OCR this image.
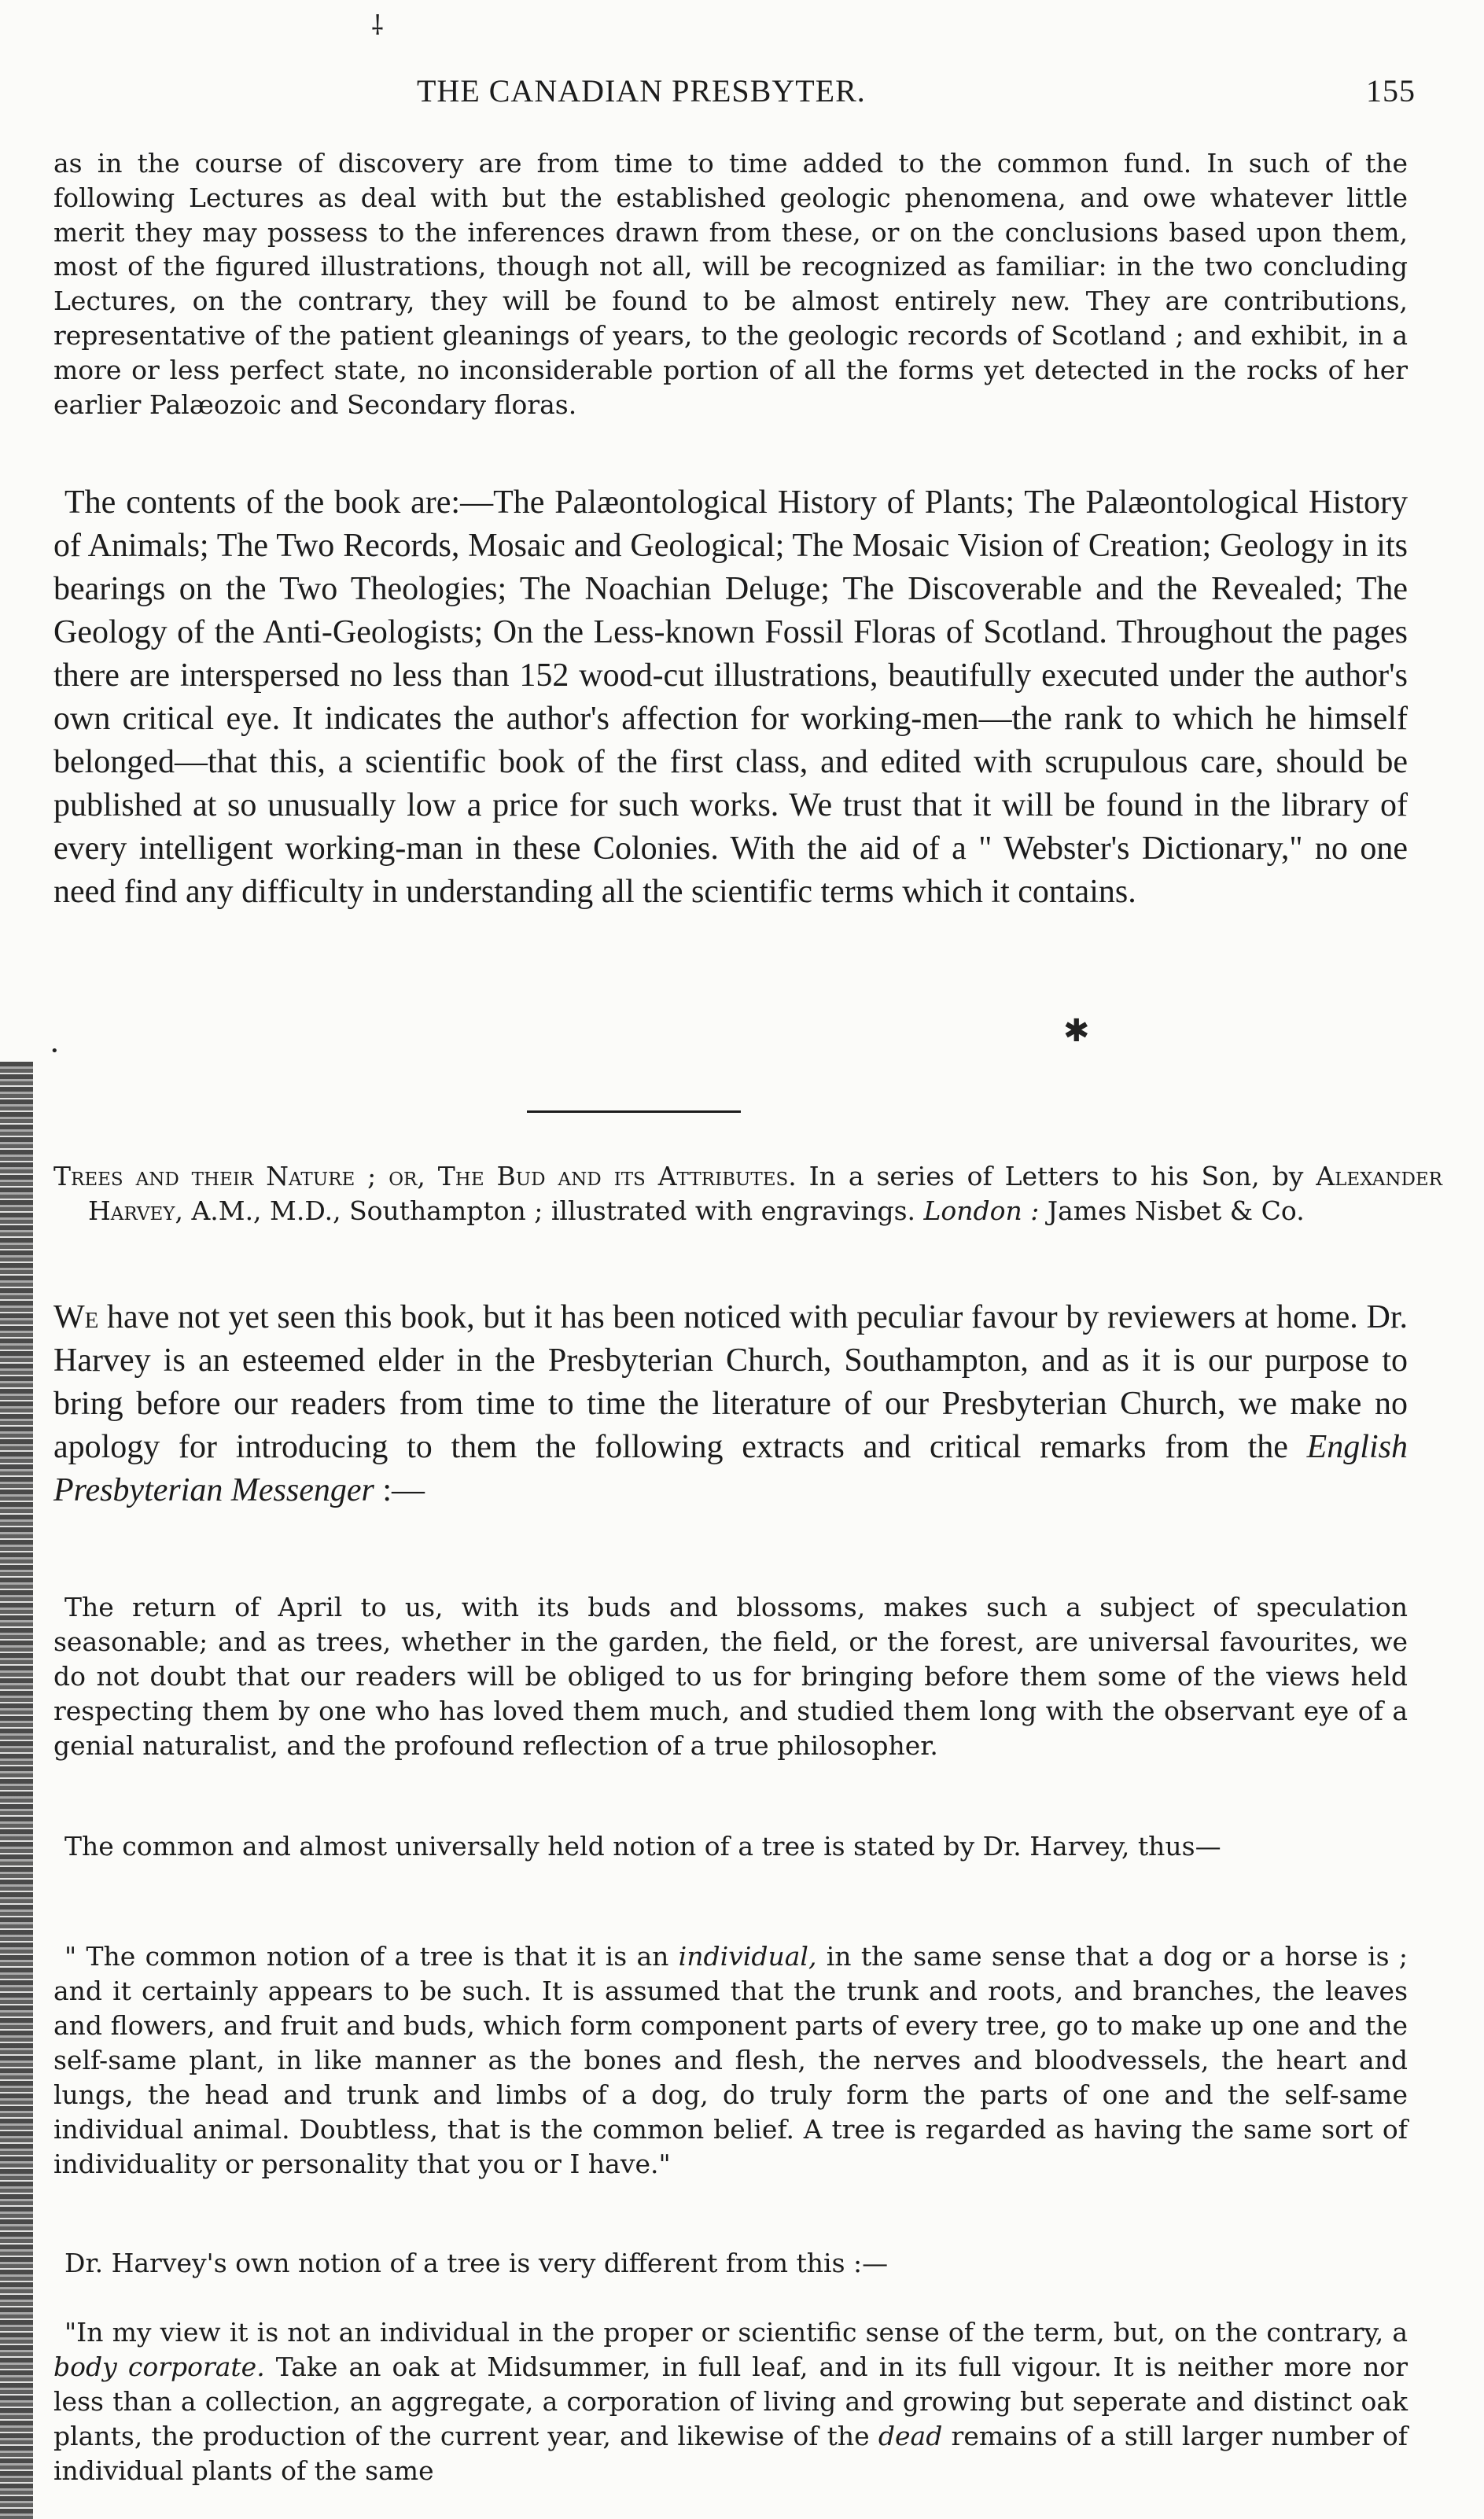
⸸
✱
•
THE CANADIAN PRESBYTER.	155

as in the course of discovery are from time to time added to the common fund. In such of the following Lectures as deal with but the established geologic phenomena, and owe whatever little merit they may possess to the inferences drawn from these, or on the conclusions based upon them, most of the figured illustrations, though not all, will be recognized as familiar: in the two concluding Lectures, on the contrary, they will be found to be almost entirely new. They are contributions, representative of the patient gleanings of years, to the geologic records of Scotland ; and exhibit, in a more or less perfect state, no inconsiderable portion of all the forms yet detected in the rocks of her earlier Palæozoic and Secondary floras.

The contents of the book are:—The Palæontological History of Plants; The Palæontological History of Animals; The Two Records, Mosaic and Geological; The Mosaic Vision of Creation; Geology in its bearings on the Two Theologies; The Noachian Deluge; The Discoverable and the Revealed; The Geology of the Anti-Geologists; On the Less-known Fossil Floras of Scotland. Throughout the pages there are interspersed no less than 152 wood-cut illustrations, beautifully executed under the author's own critical eye. It indicates the author's affection for working-men—the rank to which he himself belonged—that this, a scientific book of the first class, and edited with scrupulous care, should be published at so unusually low a price for such works. We trust that it will be found in the library of every intelligent working-man in these Colonies. With the aid of a " Webster's Dictionary," no one need find any difficulty in understanding all the scientific terms which it contains.

Trees and their Nature ; or, The Bud and its Attributes. In a series of Letters to his Son, by Alexander Harvey, A.M., M.D., Southampton ; illustrated with engravings. London : James Nisbet & Co.

We have not yet seen this book, but it has been noticed with peculiar favour by reviewers at home. Dr. Harvey is an esteemed elder in the Presbyterian Church, Southampton, and as it is our purpose to bring before our readers from time to time the literature of our Presbyterian Church, we make no apology for introducing to them the following extracts and critical remarks from the English Presbyterian Messenger :—

The return of April to us, with its buds and blossoms, makes such a subject of speculation seasonable; and as trees, whether in the garden, the field, or the forest, are universal favourites, we do not doubt that our readers will be obliged to us for bringing before them some of the views held respecting them by one who has loved them much, and studied them long with the observant eye of a genial naturalist, and the profound reflection of a true philosopher.

The common and almost universally held notion of a tree is stated by Dr. Harvey, thus—

" The common notion of a tree is that it is an individual, in the same sense that a dog or a horse is ; and it certainly appears to be such. It is assumed that the trunk and roots, and branches, the leaves and flowers, and fruit and buds, which form component parts of every tree, go to make up one and the self-same plant, in like manner as the bones and flesh, the nerves and bloodvessels, the heart and lungs, the head and trunk and limbs of a dog, do truly form the parts of one and the self-same individual animal. Doubtless, that is the common belief. A tree is regarded as having the same sort of individuality or personality that you or I have."

Dr. Harvey's own notion of a tree is very different from this :—

"In my view it is not an individual in the proper or scientific sense of the term, but, on the contrary, a body corporate. Take an oak at Midsummer, in full leaf, and in its full vigour. It is neither more nor less than a collection, an aggregate, a corporation of living and growing but seperate and distinct oak plants, the production of the current year, and likewise of the dead remains of a still larger number of individual plants of the same
